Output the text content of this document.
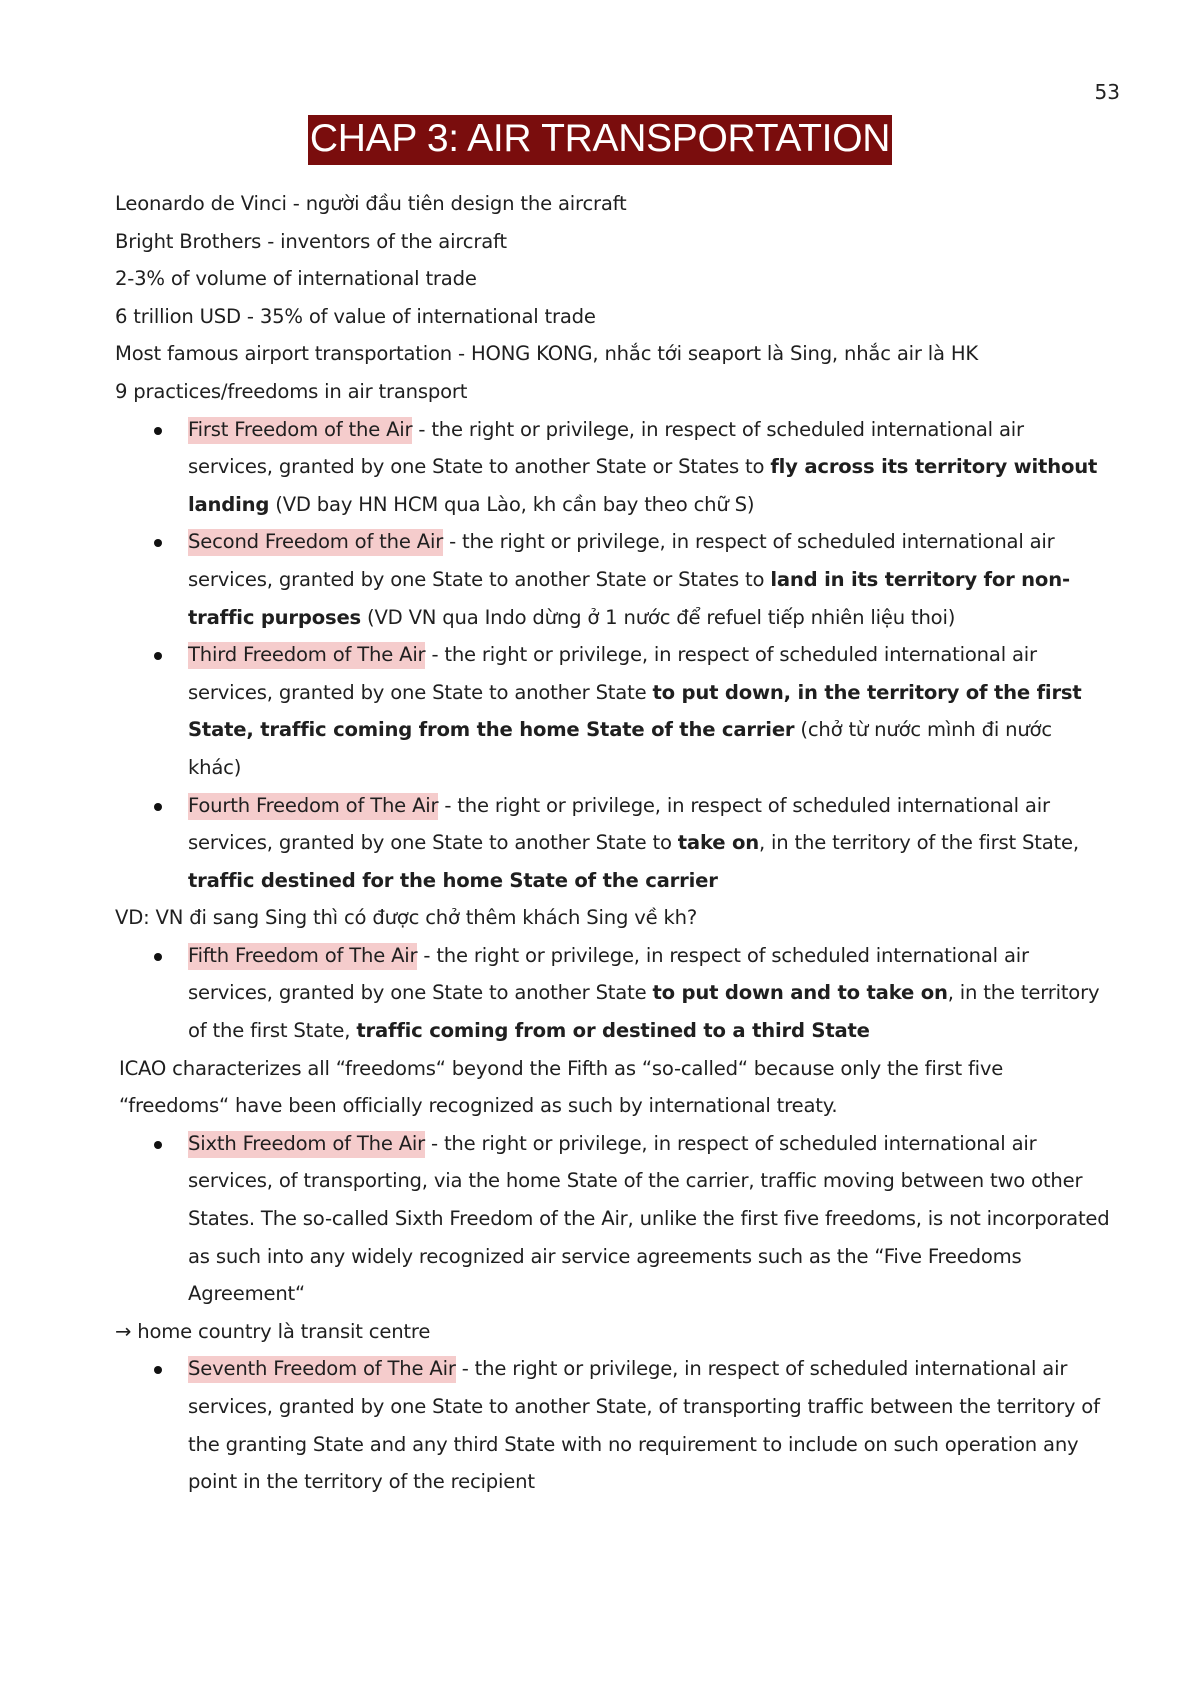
53
CHAP 3: AIR TRANSPORTATION

Leonardo de Vinci - người đầu tiên design the aircraft

Bright Brothers - inventors of the aircraft

2-3% of volume of international trade

6 trillion USD - 35% of value of international trade

Most famous airport transportation - HONG KONG, nhắc tới seaport là Sing, nhắc air là HK

9 practices/freedoms in air transport

First Freedom of the Air - the right or privilege, in respect of scheduled international air services, granted by one State to another State or States to fly across its territory without landing (VD bay HN HCM qua Lào, kh cần bay theo chữ S)
Second Freedom of the Air - the right or privilege, in respect of scheduled international air services, granted by one State to another State or States to land in its territory for non-traffic purposes (VD VN qua Indo dừng ở 1 nước để refuel tiếp nhiên liệu thoi)
Third Freedom of The Air - the right or privilege, in respect of scheduled international air services, granted by one State to another State to put down, in the territory of the first State, traffic coming from the home State of the carrier (chở từ nước mình đi nước khác)
Fourth Freedom of The Air - the right or privilege, in respect of scheduled international air services, granted by one State to another State to take on, in the territory of the first State, traffic destined for the home State of the carrier

VD: VN đi sang Sing thì có được chở thêm khách Sing về kh?

Fifth Freedom of The Air - the right or privilege, in respect of scheduled international air services, granted by one State to another State to put down and to take on, in the territory of the first State, traffic coming from or destined to a third State

ICAO characterizes all “freedoms“ beyond the Fifth as “so-called“ because only the first five “freedoms“ have been officially recognized as such by international treaty.

Sixth Freedom of The Air - the right or privilege, in respect of scheduled international air services, of transporting, via the home State of the carrier, traffic moving between two other States. The so-called Sixth Freedom of the Air, unlike the first five freedoms, is not incorporated as such into any widely recognized air service agreements such as the “Five Freedoms Agreement“

→ home country là transit centre

Seventh Freedom of The Air - the right or privilege, in respect of scheduled international air services, granted by one State to another State, of transporting traffic between the territory of the granting State and any third State with no requirement to include on such operation any point in the territory of the recipient
